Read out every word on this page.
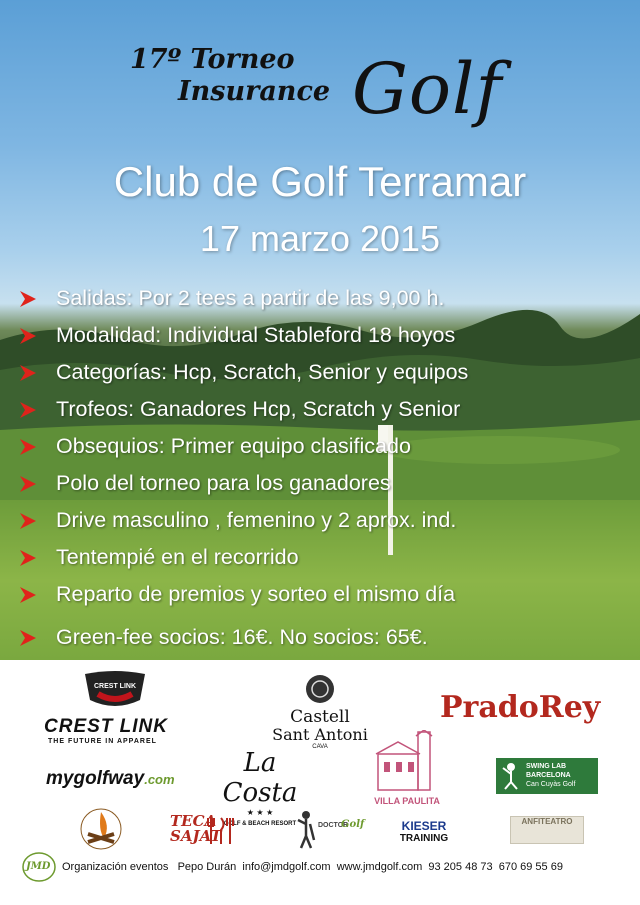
17º Torneo
Insurance Golf
Club de Golf Terramar
17 marzo 2015
Salidas: Por 2 tees a partir de las 9,00 h.
Modalidad: Individual Stableford 18 hoyos
Categorías: Hcp, Scratch, Senior y equipos
Trofeos: Ganadores Hcp, Scratch y Senior
Obsequios: Primer equipo clasificado
Polo del torneo para los ganadores
Drive masculino , femenino y 2 aprox. ind.
Tentempié en el recorrido
Reparto de premios y sorteo el mismo día
Green-fee socios: 16€. No socios: 65€.
CREST LINK
CREST LINK
THE FUTURE IN APPAREL
Castell
Sant Antoni
CAVA
PradoRey
mygolfway.com
La Costa
★ ★ ★
GOLF & BEACH RESORT
VILLA PAULITA
SWING LAB
BARCELONA
Can Cuyàs Golf
TECA
SAJAT
DOCTOR
Golf	KIESER
TRAINING
ANFITEATRO
JMD Organización eventos   Pepo Durán  info@jmdgolf.com  www.jmdgolf.com  93 205 48 73  670 69 55 69
